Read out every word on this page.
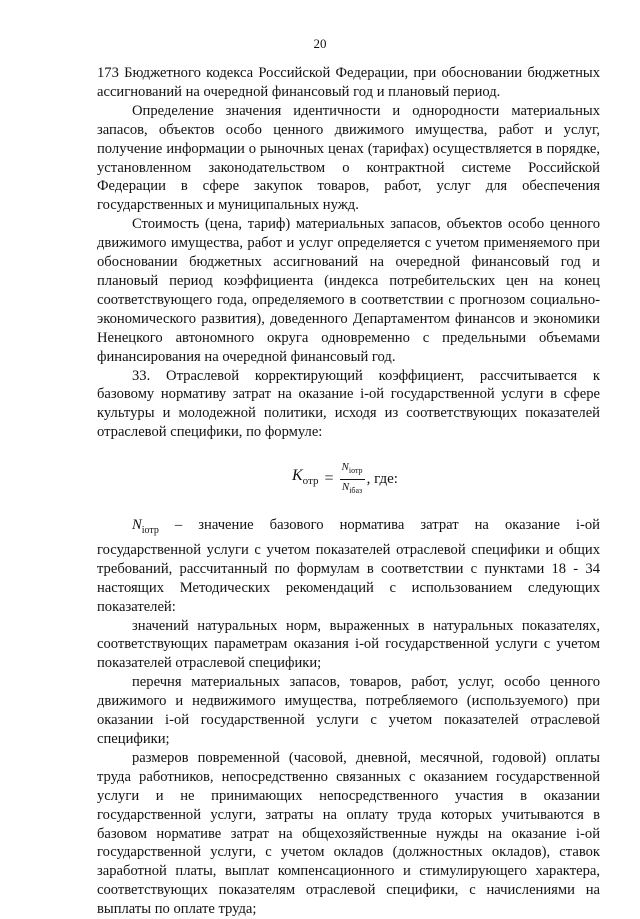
20

173 Бюджетного кодекса Российской Федерации, при обосновании бюджетных ассигнований на очередной финансовый год и плановый период.

Определение значения идентичности и однородности материальных запасов, объектов особо ценного движимого имущества, работ и услуг, получение информации о рыночных ценах (тарифах) осуществляется в порядке, установленном законодательством о контрактной системе Российской Федерации в сфере закупок товаров, работ, услуг для обеспечения государственных и муниципальных нужд.

Стоимость (цена, тариф) материальных запасов, объектов особо ценного движимого имущества, работ и услуг определяется с учетом применяемого при обосновании бюджетных ассигнований на очередной финансовый год и плановый период коэффициента (индекса потребительских цен на конец соответствующего года, определяемого в соответствии с прогнозом социально-экономического развития), доведенного Департаментом финансов и экономики Ненецкого автономного округа одновременно с предельными объемами финансирования на очередной финансовый год.

33. Отраслевой корректирующий коэффициент, рассчитывается к базовому нормативу затрат на оказание i-ой государственной услуги в сфере культуры и молодежной политики, исходя из соответствующих показателей отраслевой специфики, по формуле:

$K_{отр} = \frac{N_{iотр}}{N_{iбаз}}$ , где:

$N_{iотр}$ – значение базового норматива затрат на оказание i-ой государственной услуги с учетом показателей отраслевой специфики и общих требований, рассчитанный по формулам в соответствии с пунктами 18 - 34 настоящих Методических рекомендаций с использованием следующих показателей:

значений натуральных норм, выраженных в натуральных показателях, соответствующих параметрам оказания i-ой государственной услуги с учетом показателей отраслевой специфики;

перечня материальных запасов, товаров, работ, услуг, особо ценного движимого и недвижимого имущества, потребляемого (используемого) при оказании i-ой государственной услуги с учетом показателей отраслевой специфики;

размеров повременной (часовой, дневной, месячной, годовой) оплаты труда работников, непосредственно связанных с оказанием государственной услуги и не принимающих непосредственного участия в оказании государственной услуги, затраты на оплату труда которых учитываются в базовом нормативе затрат на общехозяйственные нужды на оказание i-ой государственной услуги, с учетом окладов (должностных окладов), ставок заработной платы, выплат компенсационного и стимулирующего характера, соответствующих показателям отраслевой специфики, с начислениями на выплаты по оплате труда;
